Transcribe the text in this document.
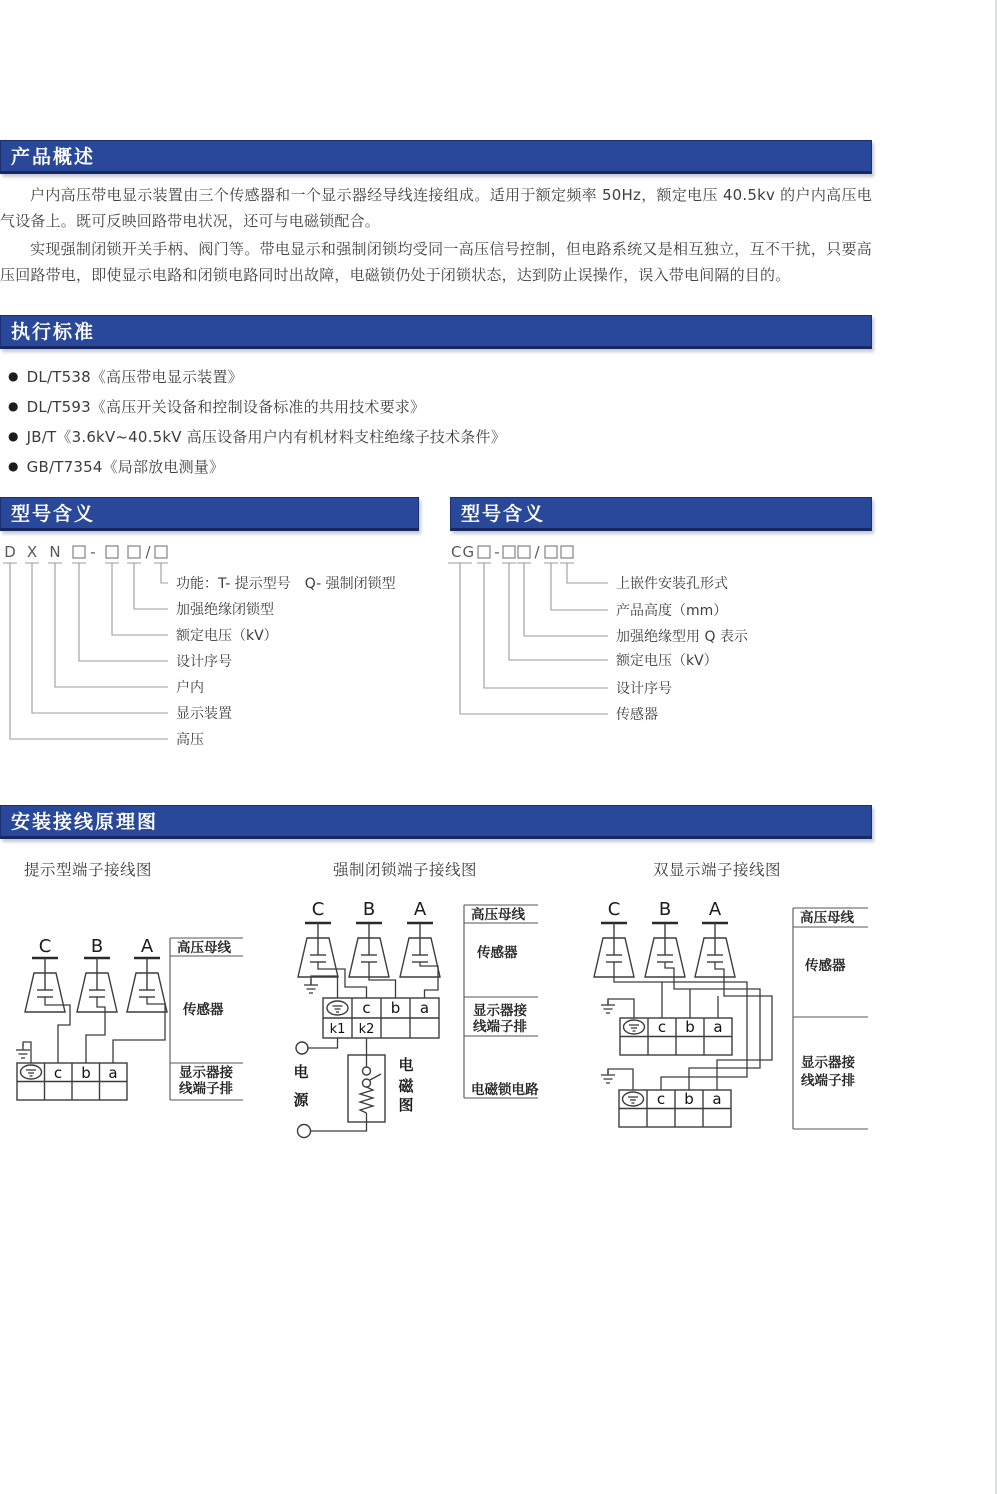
产品概述

户内高压带电显示装置由三个传感器和一个显示器经导线连接组成。适用于额定频率 50Hz，额定电压 40.5kv 的户内高压电气设备上。既可反映回路带电状况，还可与电磁锁配合。

实现强制闭锁开关手柄、阀门等。带电显示和强制闭锁均受同一高压信号控制，但电路系统又是相互独立，互不干扰，只要高压回路带电，即使显示电路和闭锁电路同时出故障，电磁锁仍处于闭锁状态，达到防止误操作，误入带电间隔的目的。

执行标准
● DL/T538《高压带电显示装置》
● DL/T593《高压开关设备和控制设备标准的共用技术要求》
● JB/T《3.6kV~40.5kV 高压设备用户内有机材料支柱绝缘子技术条件》
● GB/T7354《局部放电测量》
型号含义	型号含义
D X N -	/
功能：T- 提示型号　Q- 强制闭锁型
加强绝缘闭锁型
额定电压（kV）
设计序号
户内
显示装置
高压
CG - /
上嵌件安装孔形式
产品高度（mm）
加强绝缘型用 Q 表示
额定电压（kV）
设计序号
传感器
安装接线原理图
提示型端子接线图	强制闭锁端子接线图	双显示端子接线图
C B A
c b a
高压母线
传感器
显示器接
线端子排
C B A
c b a
k1 k2
电
源
电
磁
图
高压母线
传感器
显示器接
线端子排
电磁锁电路
C B A
c b a
c b a
高压母线
传感器
显示器接
线端子排
